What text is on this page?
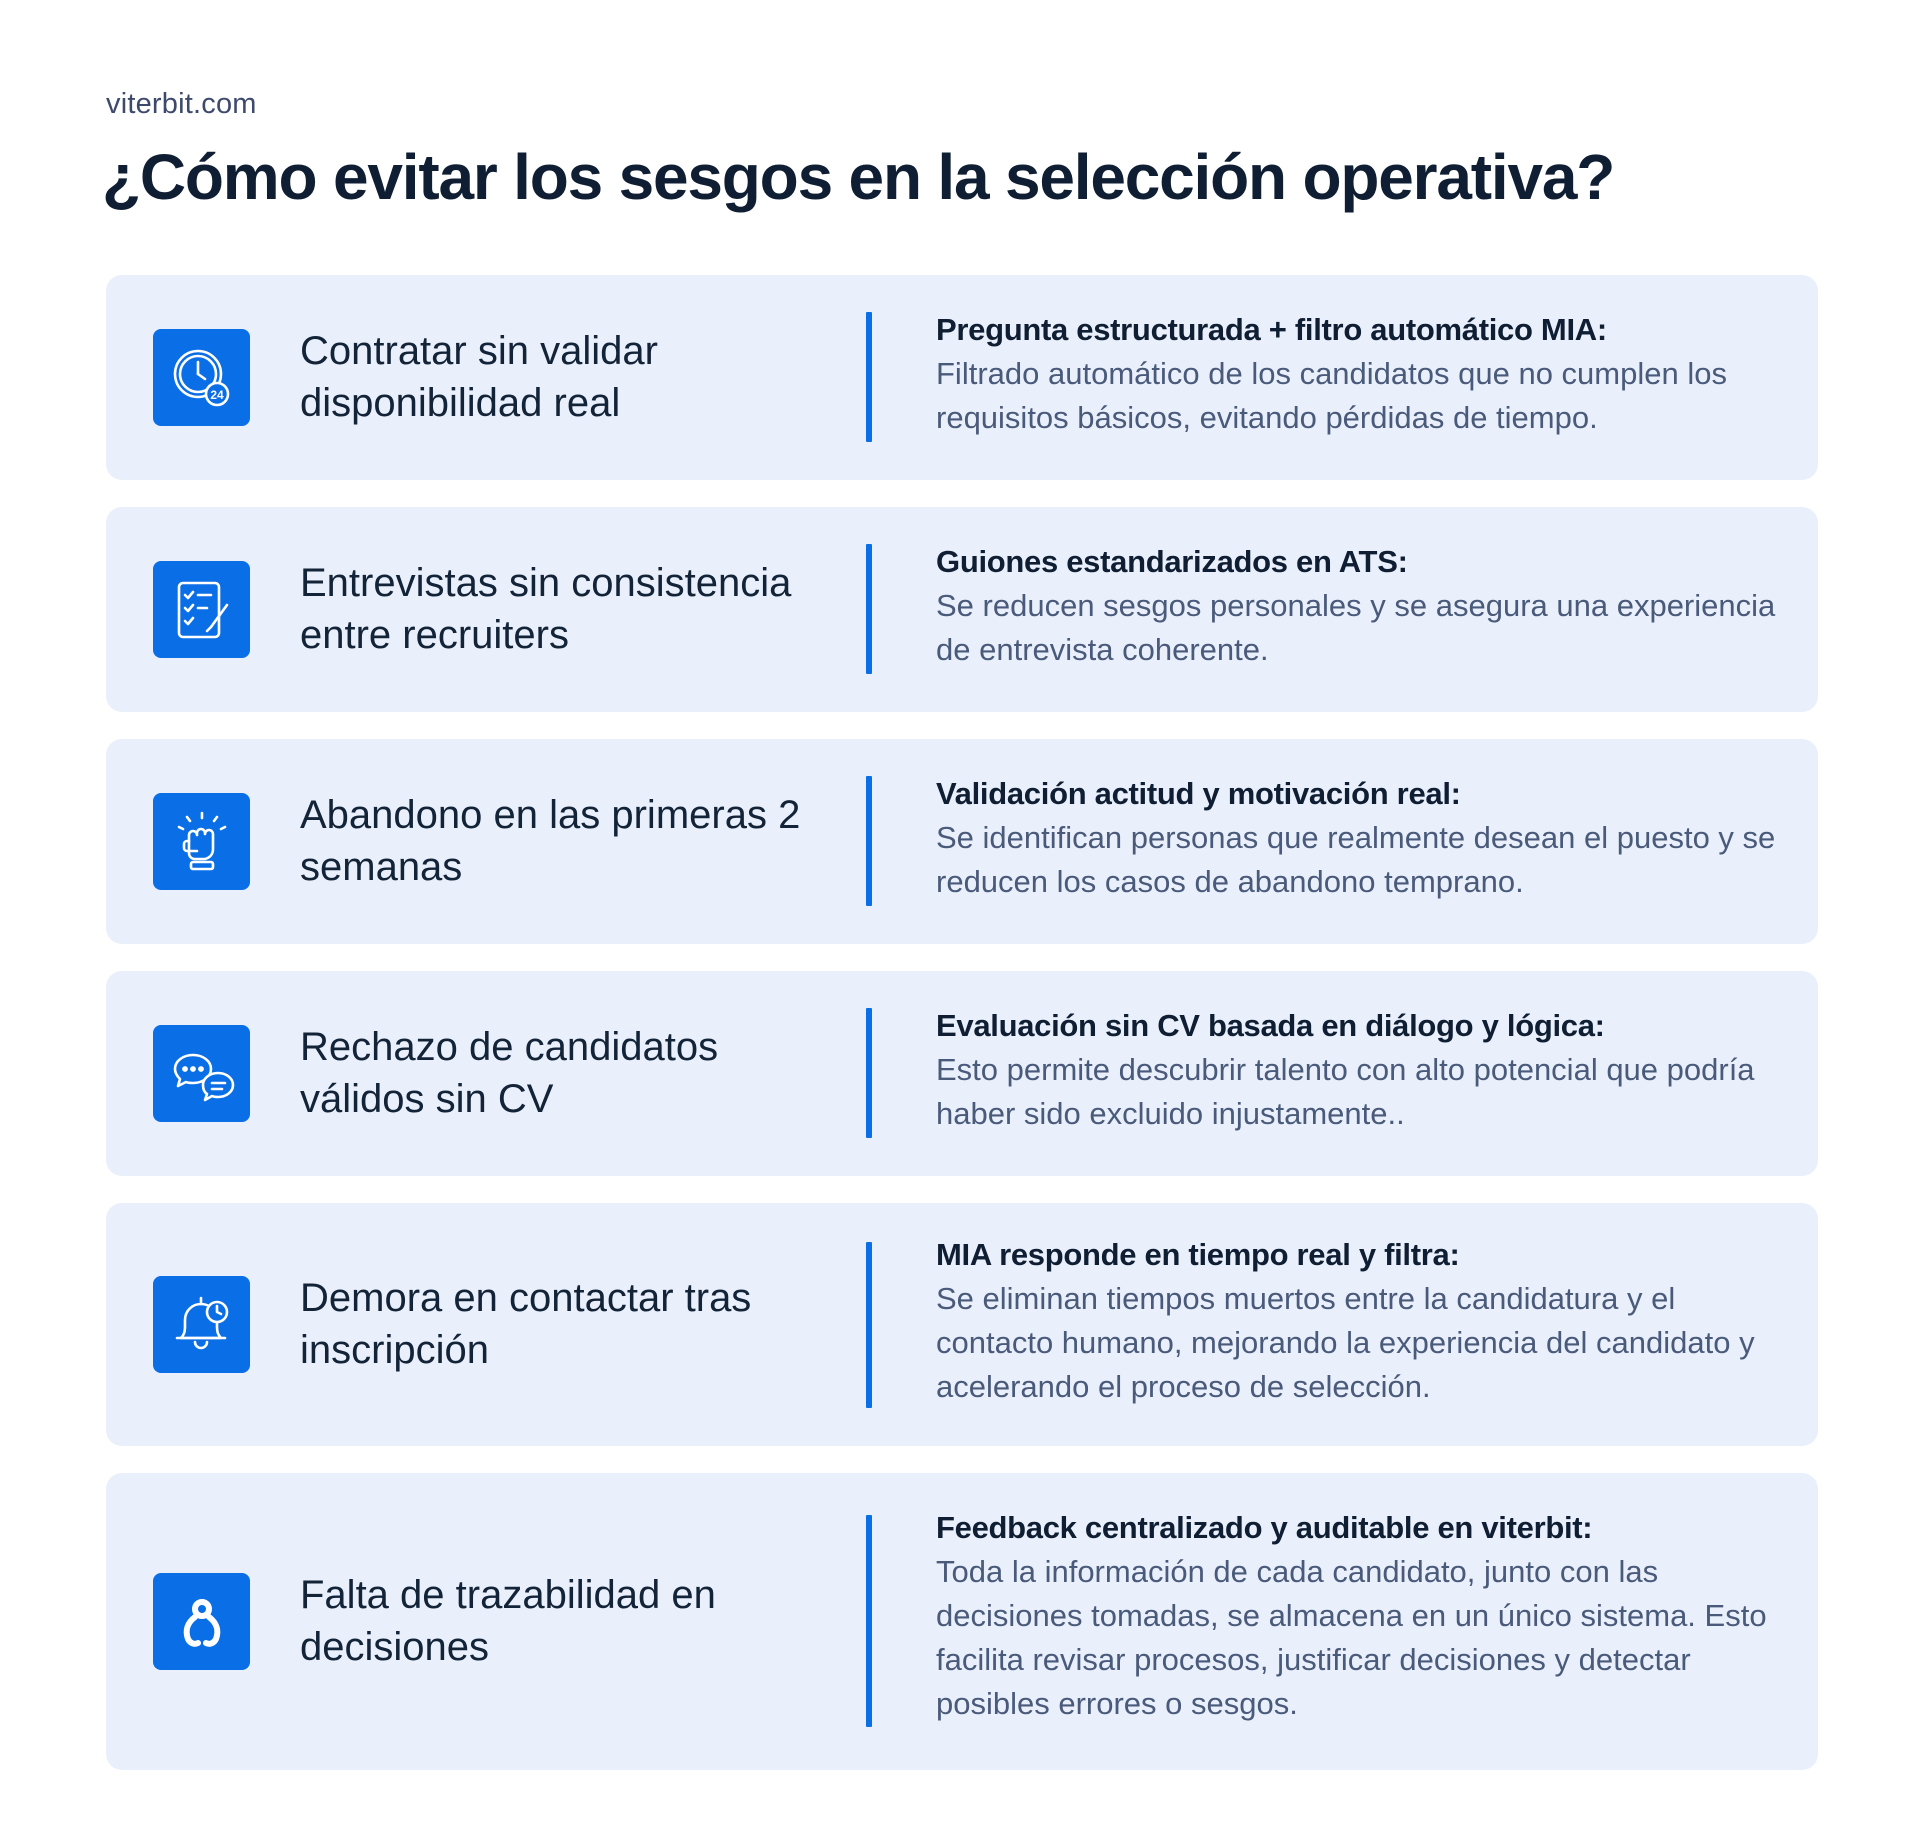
viterbit.com
¿Cómo evitar los sesgos en la selección operativa?
24
Contratar sin validar disponibilidad real
Pregunta estructurada + filtro automático MIA:
Filtrado automático de los candidatos que no cumplen los requisitos básicos, evitando pérdidas de tiempo.
Entrevistas sin consistencia entre recruiters
Guiones estandarizados en ATS:
Se reducen sesgos personales y se asegura una experiencia de entrevista coherente.
Abandono en las primeras 2 semanas
Validación actitud y motivación real:
Se identifican personas que realmente desean el puesto y se reducen los casos de abandono temprano.
Rechazo de candidatos válidos sin CV
Evaluación sin CV basada en diálogo y lógica:
Esto permite descubrir talento con alto potencial que podría haber sido excluido injustamente..
Demora en contactar tras inscripción
MIA responde en tiempo real y filtra:
Se eliminan tiempos muertos entre la candidatura y el contacto humano, mejorando la experiencia del candidato y acelerando el proceso de selección.
Falta de trazabilidad en decisiones
Feedback centralizado y auditable en viterbit:
Toda la información de cada candidato, junto con las decisiones tomadas, se almacena en un único sistema. Esto facilita revisar procesos, justificar decisiones y detectar posibles errores o sesgos.
